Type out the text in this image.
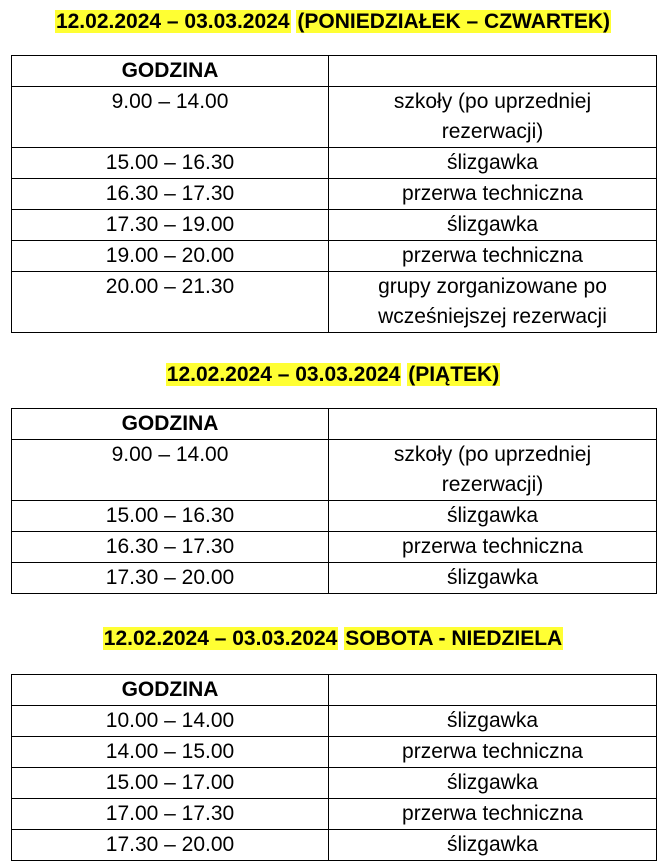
12.02.2024 – 03.03.2024 (PONIEDZIAŁEK – CZWARTEK)
GODZINA	
9.00 – 14.00	szkoły (po uprzedniej
rezerwacji)
15.00 – 16.30	ślizgawka
16.30 – 17.30	przerwa techniczna
17.30 – 19.00	ślizgawka
19.00 – 20.00	przerwa techniczna
20.00 – 21.30	grupy zorganizowane po
wcześniejszej rezerwacji
12.02.2024 – 03.03.2024 (PIĄTEK)
GODZINA	
9.00 – 14.00	szkoły (po uprzedniej
rezerwacji)
15.00 – 16.30	ślizgawka
16.30 – 17.30	przerwa techniczna
17.30 – 20.00	ślizgawka
12.02.2024 – 03.03.2024 SOBOTA - NIEDZIELA
GODZINA	
10.00 – 14.00	ślizgawka
14.00 – 15.00	przerwa techniczna
15.00 – 17.00	ślizgawka
17.00 – 17.30	przerwa techniczna
17.30 – 20.00	ślizgawka
